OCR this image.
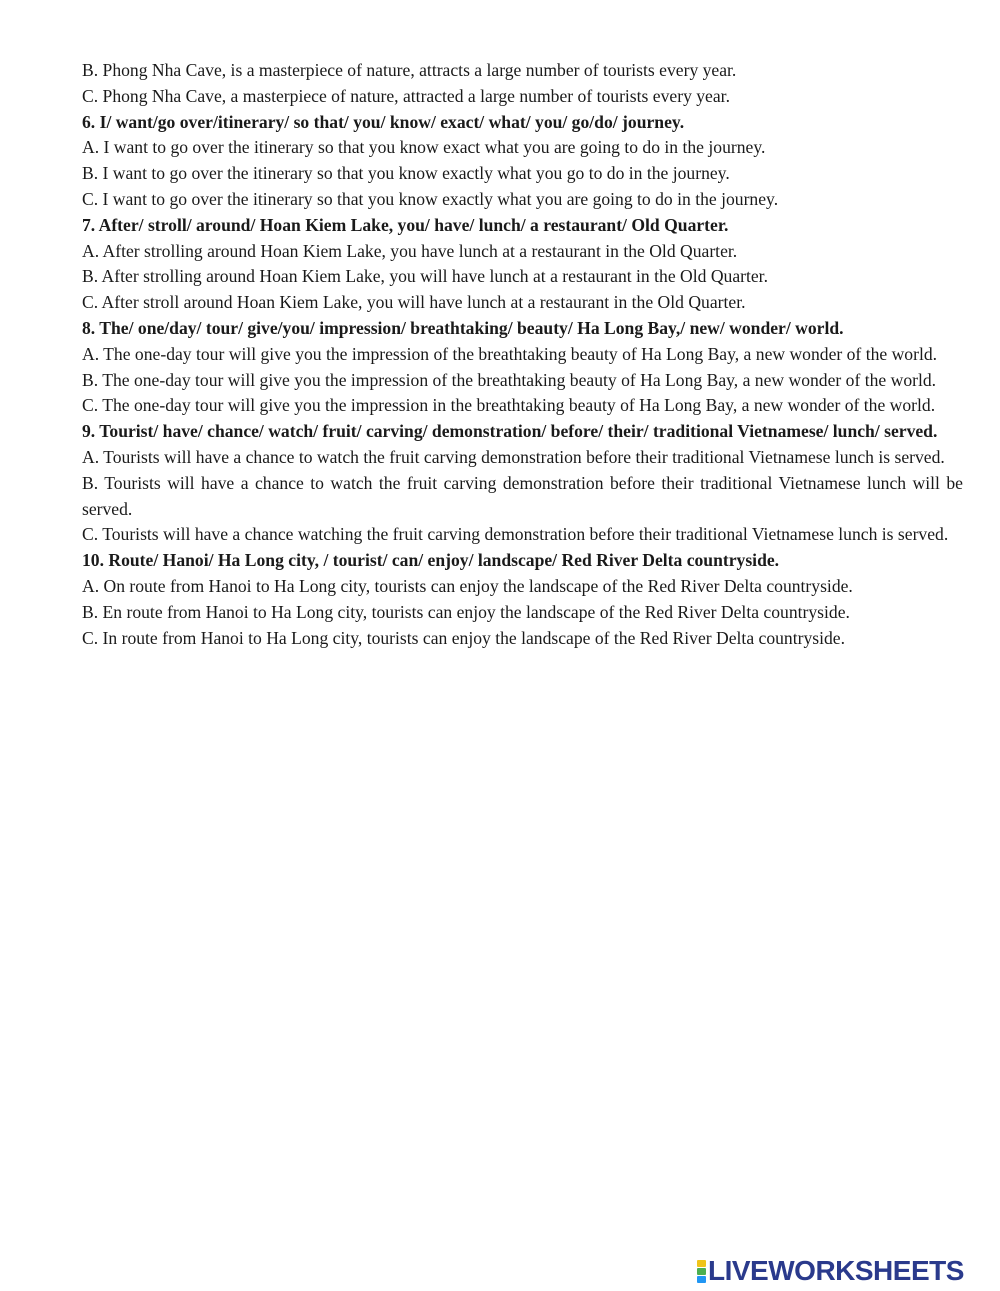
B. Phong Nha Cave, is a masterpiece of nature, attracts a large number of tourists every year.

C. Phong Nha Cave, a masterpiece of nature, attracted a large number of tourists every year.

6. I/ want/go over/itinerary/ so that/ you/ know/ exact/ what/ you/ go/do/ journey.

A. I want to go over the itinerary so that you know exact what you are going to do in the journey.

B. I want to go over the itinerary so that you know exactly what you go to do in the journey.

C. I want to go over the itinerary so that you know exactly what you are going to do in the journey.

7. After/ stroll/ around/ Hoan Kiem Lake, you/ have/ lunch/ a restaurant/ Old Quarter.

A. After strolling around Hoan Kiem Lake, you have lunch at a restaurant in the Old Quarter.

B. After strolling around Hoan Kiem Lake, you will have lunch at a restaurant in the Old Quarter.

C. After stroll around Hoan Kiem Lake, you will have lunch at a restaurant in the Old Quarter.

8. The/ one/day/ tour/ give/you/ impression/ breathtaking/ beauty/ Ha Long Bay,/ new/ wonder/ world.

A. The one-day tour will give you the impression of the breathtaking beauty of Ha Long Bay, a new wonder of the world.

B. The one-day tour will give you the impression of the breathtaking beauty of Ha Long Bay, a new wonder of the world.

C. The one-day tour will give you the impression in the breathtaking beauty of Ha Long Bay, a new wonder of the world.

9. Tourist/ have/ chance/ watch/ fruit/ carving/ demonstration/ before/ their/ traditional Vietnamese/ lunch/ served.

A. Tourists will have a chance to watch the fruit carving demonstration before their traditional Vietnamese lunch is served.

B. Tourists will have a chance to watch the fruit carving demonstration before their traditional Vietnamese lunch will be served.

C. Tourists will have a chance watching the fruit carving demonstration before their traditional Vietnamese lunch is served.

10. Route/ Hanoi/ Ha Long city, / tourist/ can/ enjoy/ landscape/ Red River Delta countryside.

A. On route from Hanoi to Ha Long city, tourists can enjoy the landscape of the Red River Delta countryside.

B. En route from Hanoi to Ha Long city, tourists can enjoy the landscape of the Red River Delta countryside.

C. In route from Hanoi to Ha Long city, tourists can enjoy the landscape of the Red River Delta countryside.

LIVEWORKSHEETS
